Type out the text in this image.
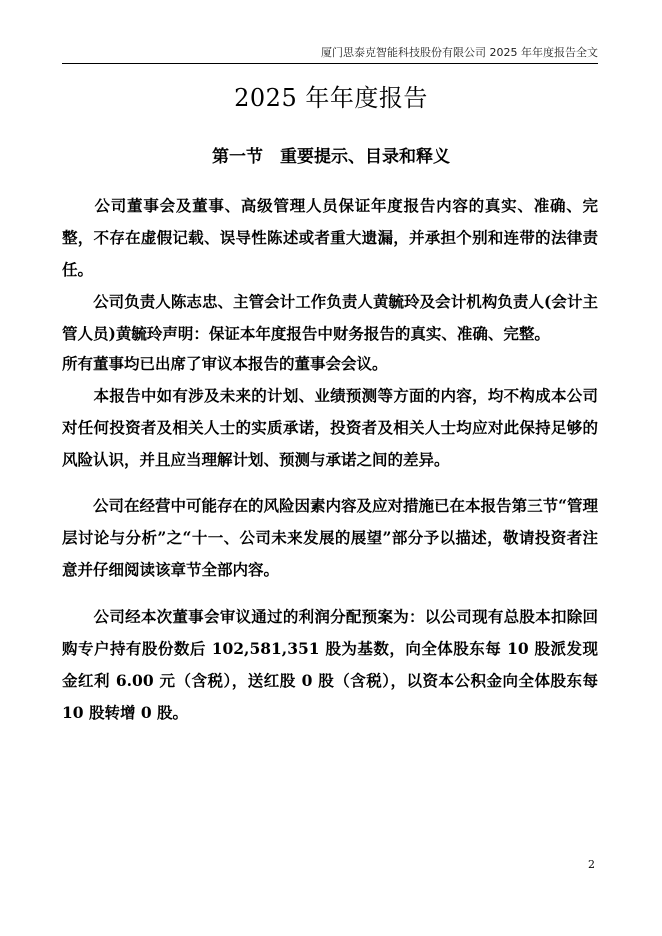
厦门思泰克智能科技股份有限公司 2025 年年度报告全文
2025 年年度报告
第一节　重要提示、目录和释义

　　公司董事会及董事、高级管理人员保证年度报告内容的真实、准确、完整，不存在虚假记载、误导性陈述或者重大遗漏，并承担个别和连带的法律责任。

　　公司负责人陈志忠、主管会计工作负责人黄毓玲及会计机构负责人(会计主管人员)黄毓玲声明：保证本年度报告中财务报告的真实、准确、完整。

所有董事均已出席了审议本报告的董事会会议。

　　本报告中如有涉及未来的计划、业绩预测等方面的内容，均不构成本公司对任何投资者及相关人士的实质承诺，投资者及相关人士均应对此保持足够的风险认识，并且应当理解计划、预测与承诺之间的差异。

　　公司在经营中可能存在的风险因素内容及应对措施已在本报告第三节“管理层讨论与分析”之“十一、公司未来发展的展望”部分予以描述，敬请投资者注意并仔细阅读该章节全部内容。

　　公司经本次董事会审议通过的利润分配预案为：以公司现有总股本扣除回购专户持有股份数后 102,581,351 股为基数，向全体股东每 10 股派发现金红利 6.00 元（含税），送红股 0 股（含税），以资本公积金向全体股东每 10 股转增 0 股。

2
